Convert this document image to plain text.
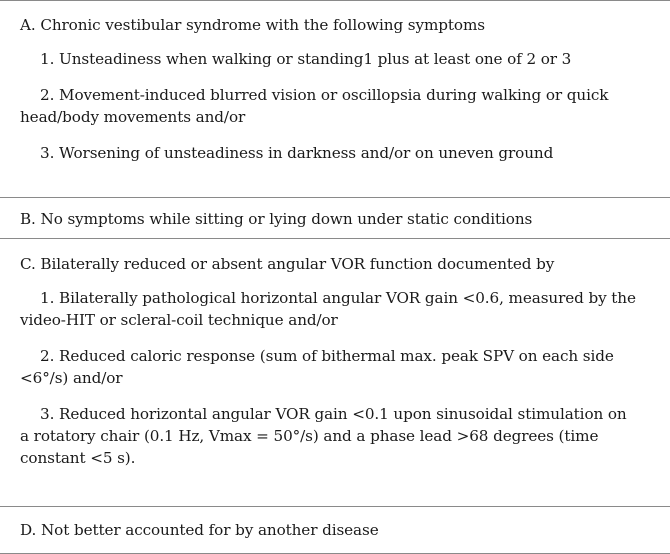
A. Chronic vestibular syndrome with the following symptoms
1. Unsteadiness when walking or standing1 plus at least one of 2 or 3
2. Movement-induced blurred vision or oscillopsia during walking or quick head/body movements and/or
3. Worsening of unsteadiness in darkness and/or on uneven ground
B. No symptoms while sitting or lying down under static conditions
C. Bilaterally reduced or absent angular VOR function documented by
1. Bilaterally pathological horizontal angular VOR gain <0.6, measured by the video-HIT or scleral-coil technique and/or
2. Reduced caloric response (sum of bithermal max. peak SPV on each side <6°/s) and/or
3. Reduced horizontal angular VOR gain <0.1 upon sinusoidal stimulation on a rotatory chair (0.1 Hz, Vmax = 50°/s) and a phase lead >68 degrees (time constant <5 s).
D. Not better accounted for by another disease
